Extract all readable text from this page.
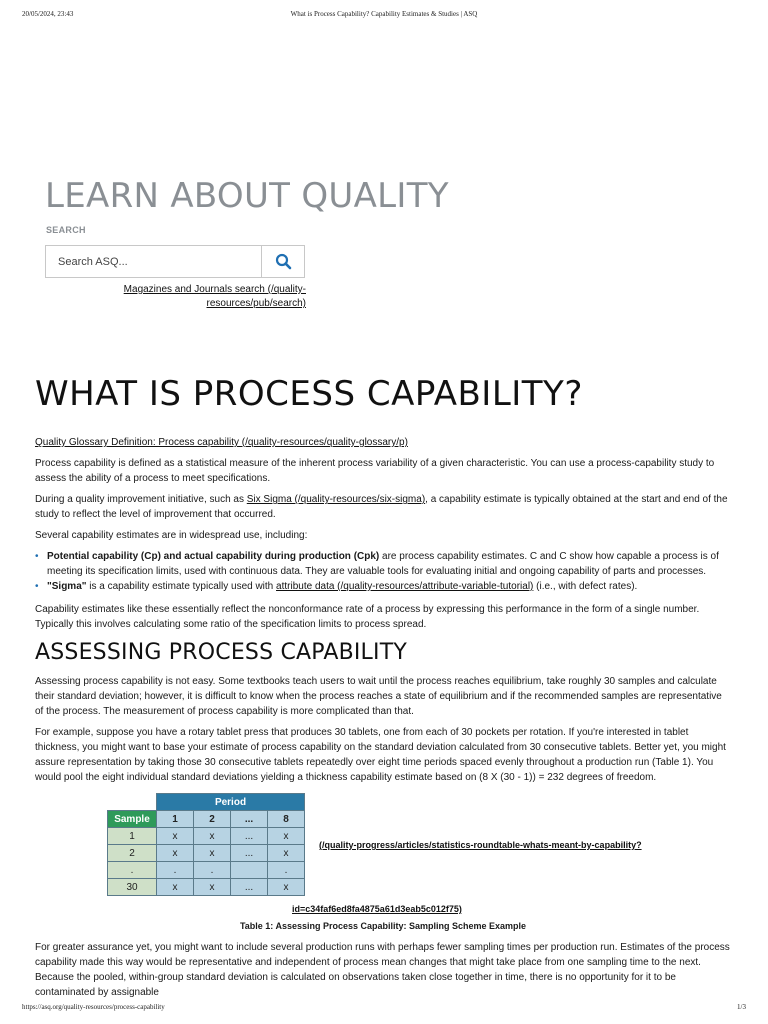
20/05/2024, 23:43	What is Process Capability? Capability Estimates & Studies | ASQ
LEARN ABOUT QUALITY
SEARCH
Search ASQ...
Magazines and Journals search (/quality-resources/pub/search)
WHAT IS PROCESS CAPABILITY?

Quality Glossary Definition: Process capability (/quality-resources/quality-glossary/p)

Process capability is defined as a statistical measure of the inherent process variability of a given characteristic. You can use a process-capability study to assess the ability of a process to meet specifications.

During a quality improvement initiative, such as Six Sigma (/quality-resources/six-sigma), a capability estimate is typically obtained at the start and end of the study to reflect the level of improvement that occurred.

Several capability estimates are in widespread use, including:

• Potential capability (Cp) and actual capability during production (Cpk) are process capability estimates. C and C show how capable a process is of meeting its specification limits, used with continuous data. They are valuable tools for evaluating initial and ongoing capability of parts and processes.
• "Sigma" is a capability estimate typically used with attribute data (/quality-resources/attribute-variable-tutorial) (i.e., with defect rates).

Capability estimates like these essentially reflect the nonconformance rate of a process by expressing this performance in the form of a single number. Typically this involves calculating some ratio of the specification limits to process spread.

ASSESSING PROCESS CAPABILITY

Assessing process capability is not easy. Some textbooks teach users to wait until the process reaches equilibrium, take roughly 30 samples and calculate their standard deviation; however, it is difficult to know when the process reaches a state of equilibrium and if the recommended samples are representative of the process. The measurement of process capability is more complicated than that.

For example, suppose you have a rotary tablet press that produces 30 tablets, one from each of 30 pockets per rotation. If you're interested in tablet thickness, you might want to base your estimate of process capability on the standard deviation calculated from 30 consecutive tablets. Better yet, you might assure representation by taking those 30 consecutive tablets repeatedly over eight time periods spaced evenly throughout a production run (Table 1). You would pool the eight individual standard deviations yielding a thickness capability estimate based on (8 X (30 - 1)) = 232 degrees of freedom.

	Period			
Sample	1	2	...	8
1	x	x	...	x
2	x	x	...	x
.	.	.		.
30	x	x	...	x
(/quality-progress/articles/statistics-roundtable-whats-meant-by-capability?
id=c34faf6ed8fa4875a61d3eab5c012f75)

Table 1: Assessing Process Capability: Sampling Scheme Example

For greater assurance yet, you might want to include several production runs with perhaps fewer sampling times per production run. Estimates of the process capability made this way would be representative and independent of process mean changes that might take place from one sampling time to the next. Because the pooled, within-group standard deviation is calculated on observations taken close together in time, there is no opportunity for it to be contaminated by assignable

https://asq.org/quality-resources/process-capability	1/3
